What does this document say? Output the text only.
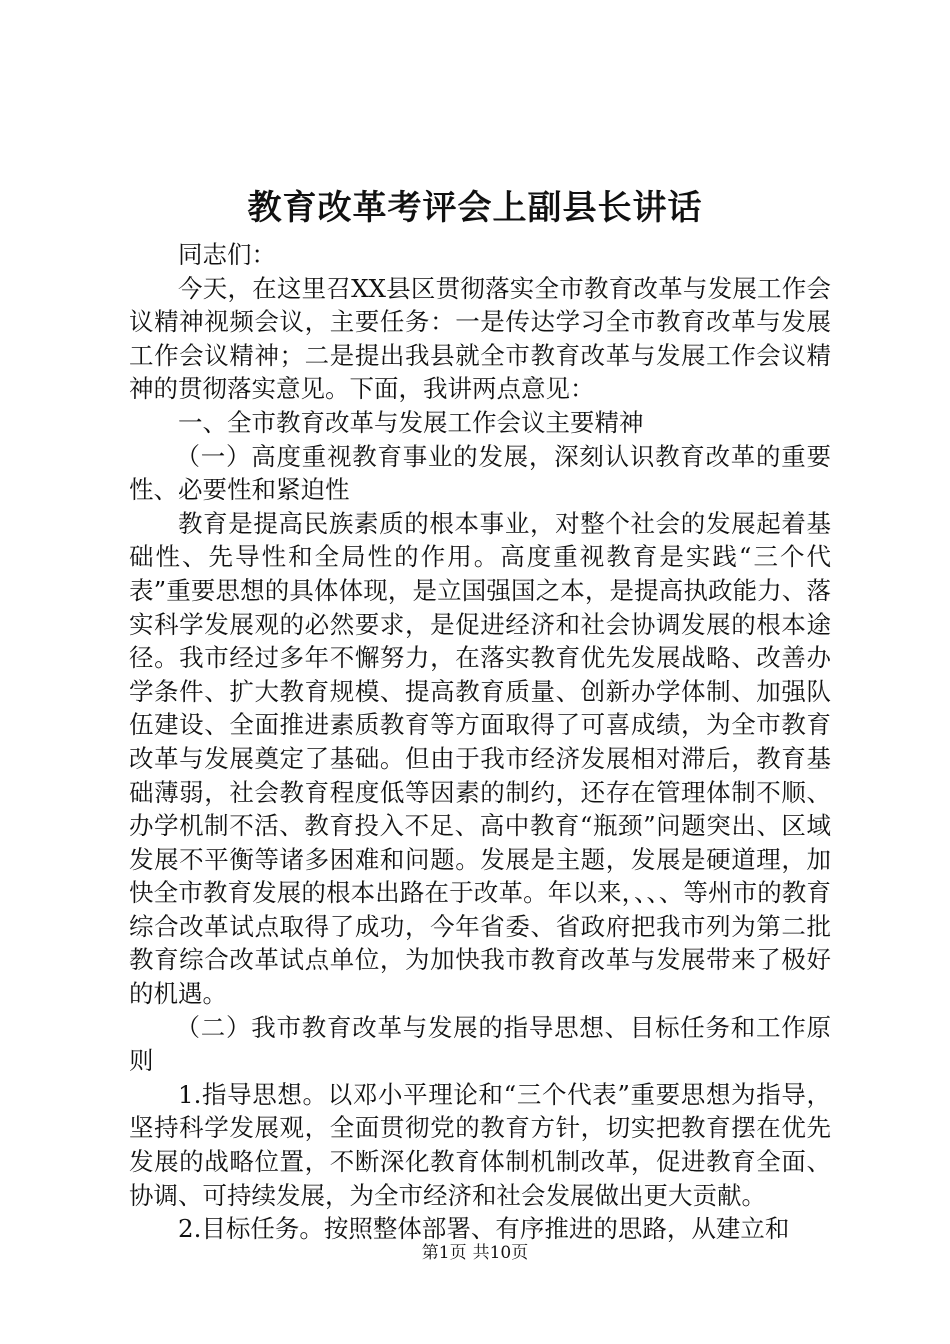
教育改革考评会上副县长讲话

同志们：

今天，在这里召XX县区贯彻落实全市教育改革与发展工作会议精神视频会议，主要任务：一是传达学习全市教育改革与发展工作会议精神；二是提出我县就全市教育改革与发展工作会议精神的贯彻落实意见。下面，我讲两点意见：

一、全市教育改革与发展工作会议主要精神

（一）高度重视教育事业的发展，深刻认识教育改革的重要性、必要性和紧迫性

教育是提高民族素质的根本事业，对整个社会的发展起着基础性、先导性和全局性的作用。高度重视教育是实践“三个代表”重要思想的具体体现，是立国强国之本，是提高执政能力、落实科学发展观的必然要求，是促进经济和社会协调发展的根本途径。我市经过多年不懈努力，在落实教育优先发展战略、改善办学条件、扩大教育规模、提高教育质量、创新办学体制、加强队伍建设、全面推进素质教育等方面取得了可喜成绩，为全市教育改革与发展奠定了基础。但由于我市经济发展相对滞后，教育基础薄弱，社会教育程度低等因素的制约，还存在管理体制不顺、办学机制不活、教育投入不足、高中教育“瓶颈”问题突出、区域发展不平衡等诸多困难和问题。发展是主题，发展是硬道理，加快全市教育发展的根本出路在于改革。年以来，、、、等州市的教育综合改革试点取得了成功，今年省委、省政府把我市列为第二批教育综合改革试点单位，为加快我市教育改革与发展带来了极好的机遇。

（二）我市教育改革与发展的指导思想、目标任务和工作原则

1.指导思想。以邓小平理论和“三个代表”重要思想为指导，坚持科学发展观，全面贯彻党的教育方针，切实把教育摆在优先发展的战略位置，不断深化教育体制机制改革，促进教育全面、协调、可持续发展，为全市经济和社会发展做出更大贡献。

2.目标任务。按照整体部署、有序推进的思路，从建立和

第1页 共10页
